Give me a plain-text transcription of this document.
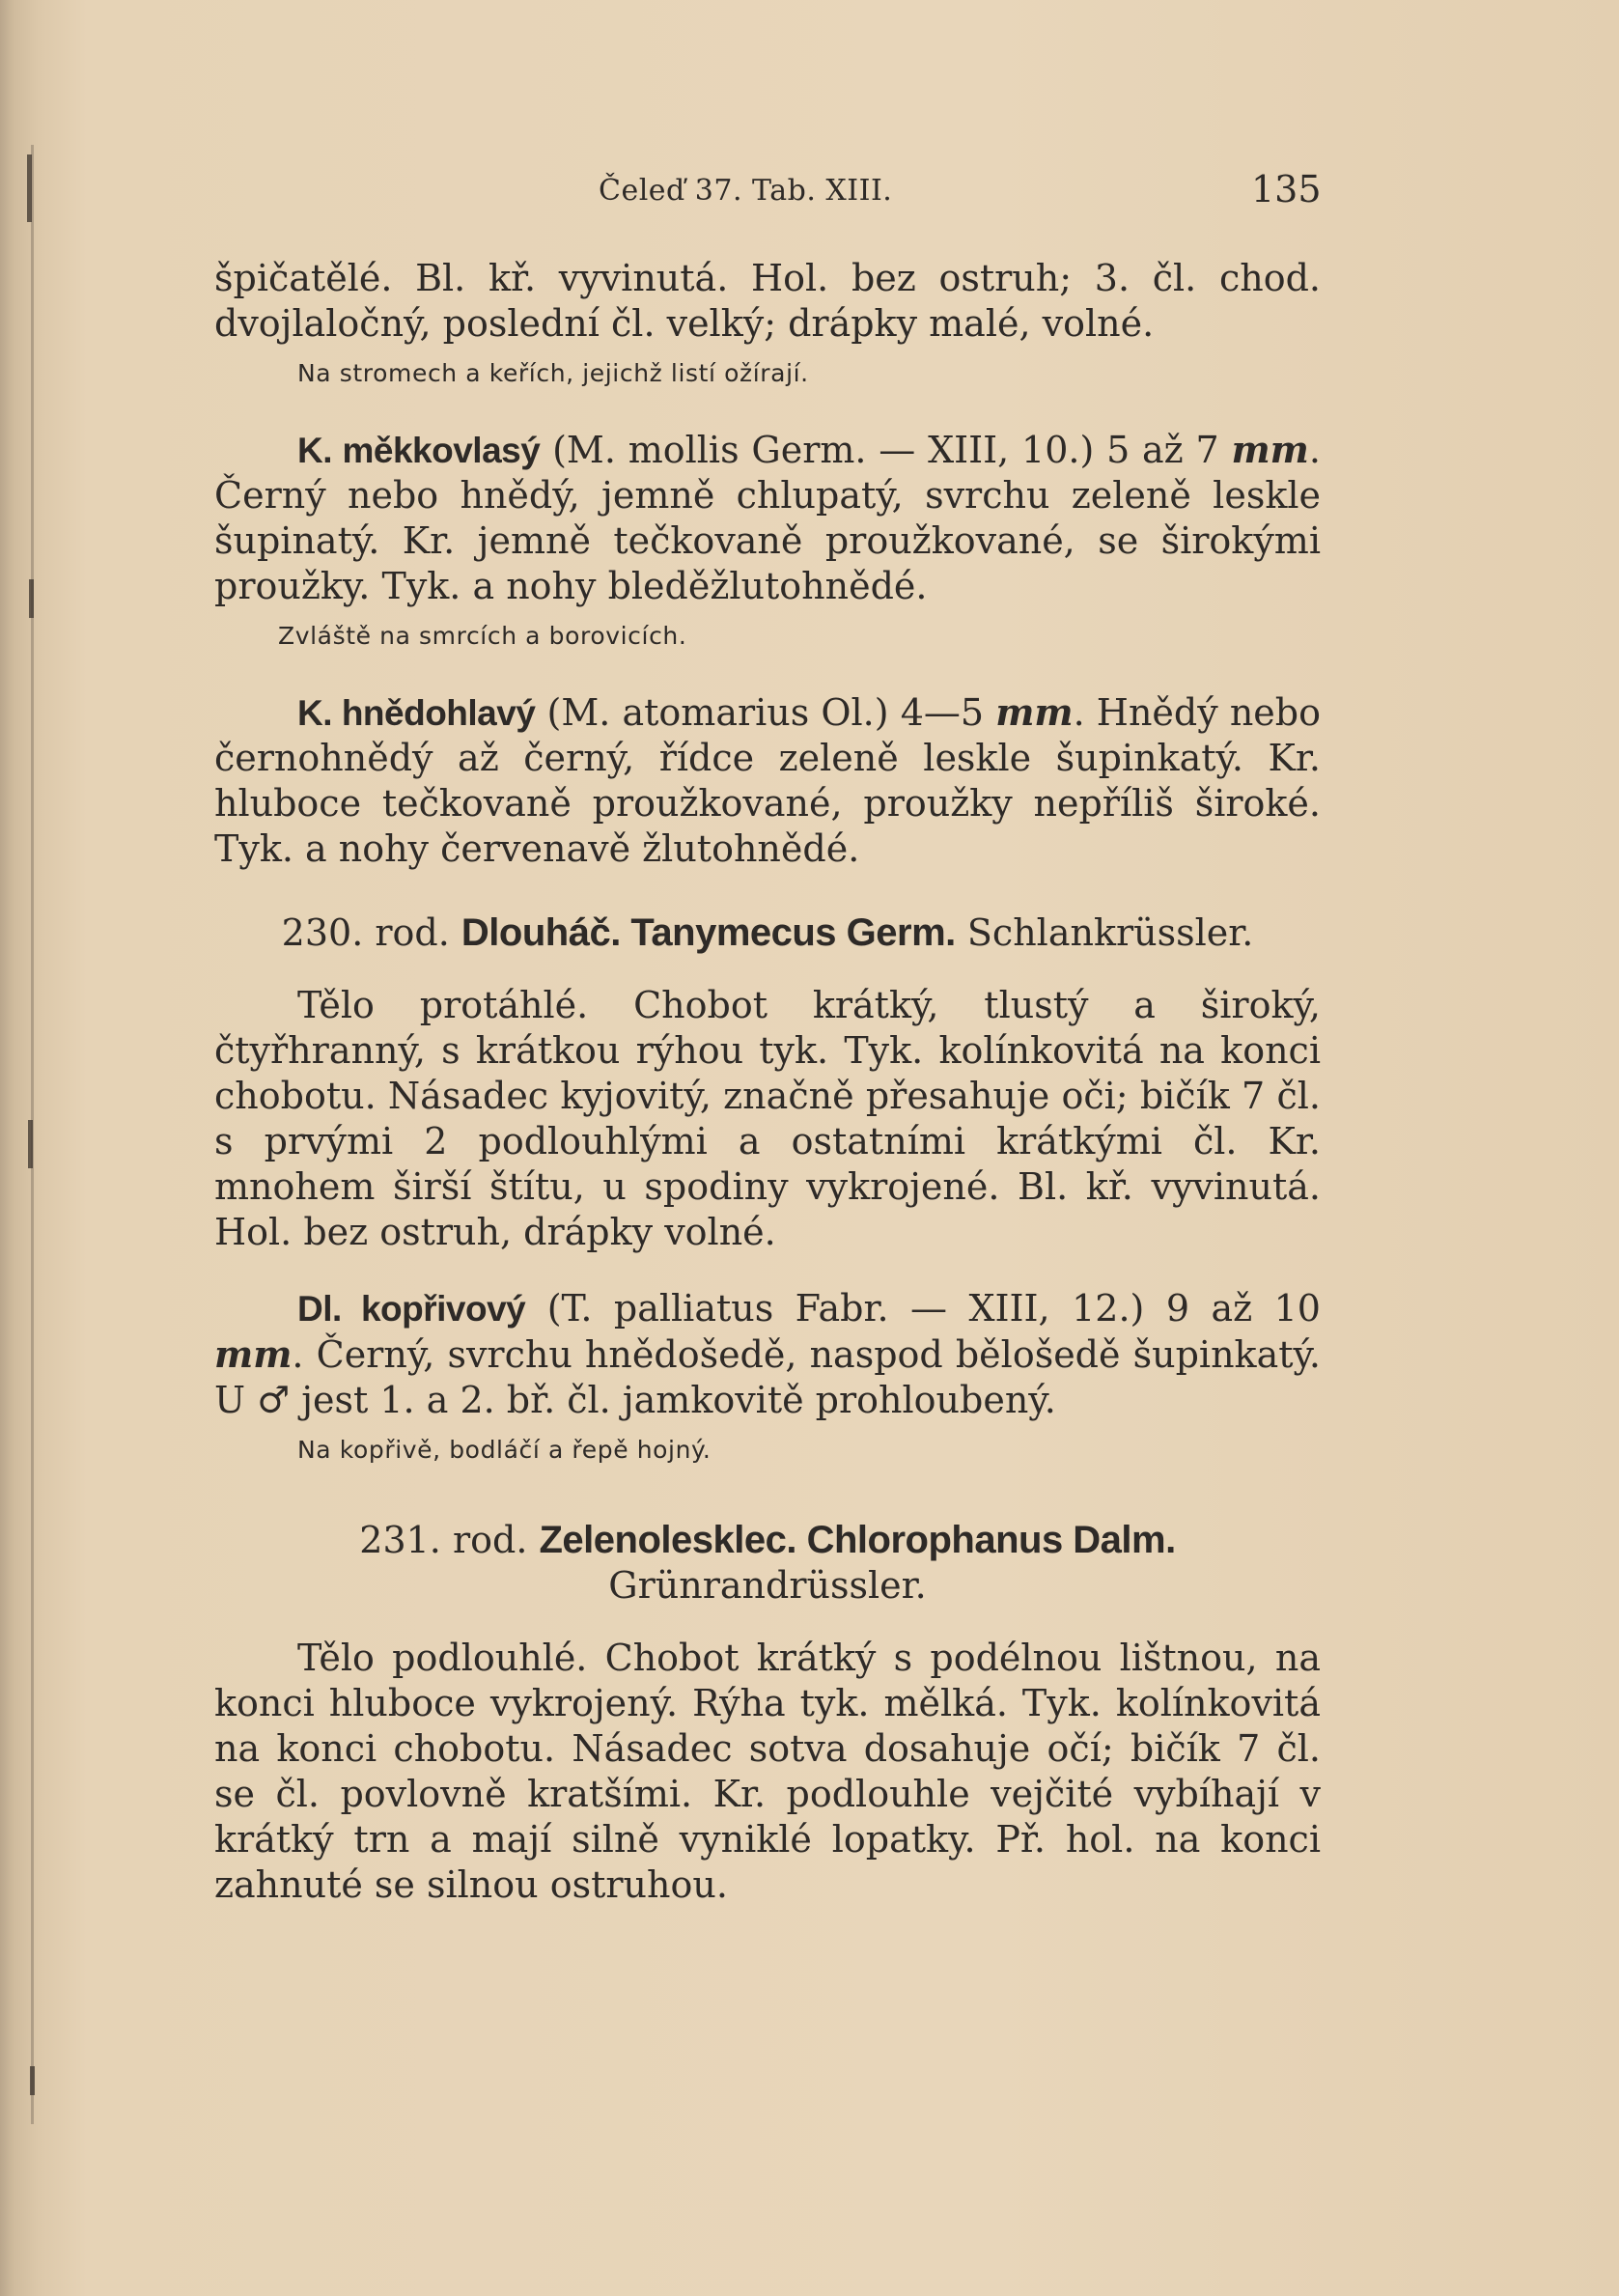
Čeleď 37. Tab. XIII.	135

špičatělé. Bl. kř. vyvinutá. Hol. bez ostruh; 3. čl. chod. dvojlaločný, poslední čl. velký; drápky malé, volné.

Na stromech a keřích, jejichž listí ožírají.

K. měkkovlasý (M. mollis Germ. — XIII, 10.) 5 až 7 mm. Černý nebo hnědý, jemně chlupatý, svrchu zeleně leskle šupinatý. Kr. jemně tečkovaně proužkované, se širokými proužky. Tyk. a nohy bleděžlutohnědé.

Zvláště na smrcích a borovicích.

K. hnědohlavý (M. atomarius Ol.) 4—5 mm. Hnědý nebo černohnědý až černý, řídce zeleně leskle šupinkatý. Kr. hluboce tečkovaně proužkované, proužky nepříliš široké. Tyk. a nohy červenavě žlutohnědé.

230. rod. Dlouháč. Tanymecus Germ. Schlankrüssler.

Tělo protáhlé. Chobot krátký, tlustý a široký, čtyřhranný, s krátkou rýhou tyk. Tyk. kolínkovitá na konci chobotu. Násadec kyjovitý, značně přesahuje oči; bičík 7 čl. s prvými 2 podlouhlými a ostatními krátkými čl. Kr. mnohem širší štítu, u spodiny vykrojené. Bl. kř. vyvinutá. Hol. bez ostruh, drápky volné.

Dl. kopřivový (T. palliatus Fabr. — XIII, 12.) 9 až 10 mm. Černý, svrchu hnědošedě, naspod bělošedě šupinkatý. U ♂ jest 1. a 2. bř. čl. jamkovitě prohloubený.

Na kopřivě, bodláčí a řepě hojný.

231. rod. Zelenolesklec. Chlorophanus Dalm. Grünrandrüssler.

Tělo podlouhlé. Chobot krátký s podélnou lištnou, na konci hluboce vykrojený. Rýha tyk. mělká. Tyk. kolínkovitá na konci chobotu. Násadec sotva dosahuje očí; bičík 7 čl. se čl. povlovně kratšími. Kr. podlouhle vejčité vybíhají v krátký trn a mají silně vyniklé lopatky. Př. hol. na konci zahnuté se silnou ostruhou.
